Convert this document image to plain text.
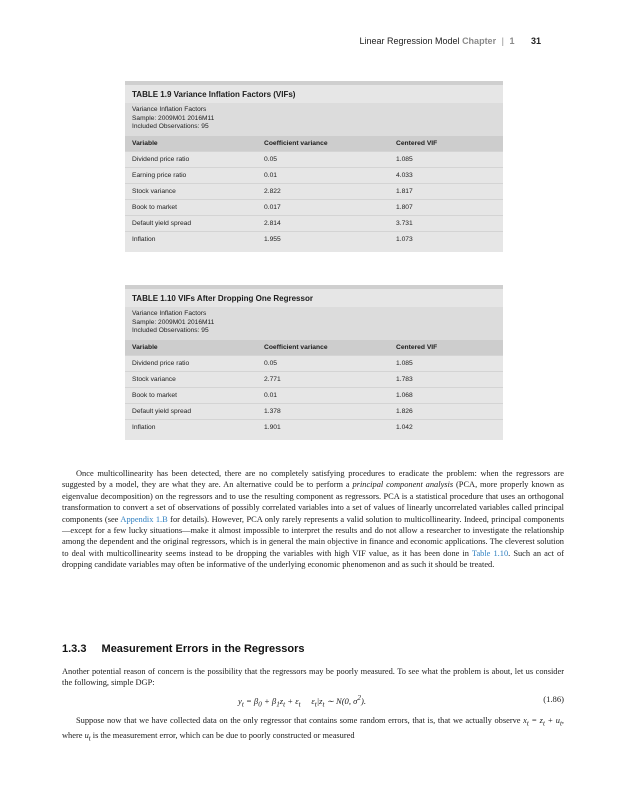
Linear Regression Model Chapter | 1 31
TABLE 1.9 Variance Inflation Factors (VIFs)
Variance Inflation Factors
Sample: 2009M01 2016M11
Included Observations: 95
Variable	Coefficient variance	Centered VIF
Dividend price ratio	0.05	1.085
Earning price ratio	0.01	4.033
Stock variance	2.822	1.817
Book to market	0.017	1.807
Default yield spread	2.814	3.731
Inflation	1.955	1.073
TABLE 1.10 VIFs After Dropping One Regressor
Variance Inflation Factors
Sample: 2009M01 2016M11
Included Observations: 95
Variable	Coefficient variance	Centered VIF
Dividend price ratio	0.05	1.085
Stock variance	2.771	1.783
Book to market	0.01	1.068
Default yield spread	1.378	1.826
Inflation	1.901	1.042

Once multicollinearity has been detected, there are no completely satisfying procedures to eradicate the problem: when the regressors are suggested by a model, they are what they are. An alternative could be to perform a principal component analysis (PCA, more properly known as eigenvalue decomposition) on the regressors and to use the resulting component as regressors. PCA is a statistical procedure that uses an orthogonal transformation to convert a set of observations of possibly correlated variables into a set of values of linearly uncorrelated variables called principal components (see Appendix 1.B for details). However, PCA only rarely represents a valid solution to multicollinearity. Indeed, principal components—except for a few lucky situations—make it almost impossible to interpret the results and do not allow a researcher to investigate the relationship among the dependent and the original regressors, which is in general the main objective in finance and economic applications. The cleverest solution to deal with multicollinearity seems instead to be dropping the variables with high VIF value, as it has been done in Table 1.10. Such an act of dropping candidate variables may often be informative of the underlying economic phenomenon and as such it should be treated.

1.3.3 Measurement Errors in the Regressors

Another potential reason of concern is the possibility that the regressors may be poorly measured. To see what the problem is about, let us consider the following, simple DGP:

$y_t = \beta_0 + \beta_1z_t + \varepsilon_t$     $\varepsilon_t|z_t$ ∼ N(0, $\sigma^2$).	(1.86)

Suppose now that we have collected data on the only regressor that contains some random errors, that is, that we actually observe $x_t = z_t + u_t$, where $u_t$ is the measurement error, which can be due to poorly constructed or measured
